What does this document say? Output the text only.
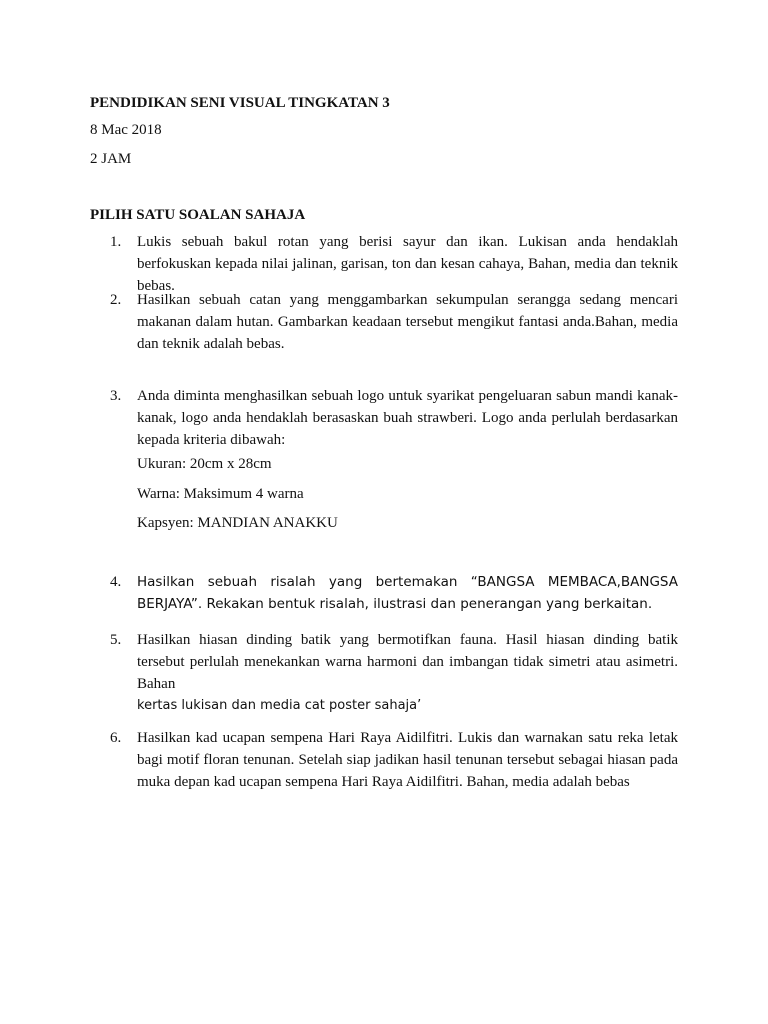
PENDIDIKAN SENI VISUAL TINGKATAN 3
8 Mac 2018
2 JAM
PILIH SATU SOALAN SAHAJA
1.	Lukis sebuah bakul rotan yang berisi sayur dan ikan. Lukisan anda hendaklah berfokuskan kepada nilai jalinan, garisan, ton dan kesan cahaya, Bahan, media dan teknik bebas.
2.	Hasilkan sebuah catan yang menggambarkan sekumpulan serangga sedang mencari makanan dalam hutan. Gambarkan keadaan tersebut mengikut fantasi anda.Bahan, media dan teknik adalah bebas.
3.	Anda diminta menghasilkan sebuah logo untuk syarikat pengeluaran sabun mandi kanak-kanak, logo anda hendaklah berasaskan buah strawberi. Logo anda perlulah berdasarkan kepada kriteria dibawah:
Ukuran: 20cm x 28cm
Warna: Maksimum 4 warna
Kapsyen: MANDIAN ANAKKU
4.	Hasilkan sebuah risalah yang bertemakan “BANGSA MEMBACA,BANGSA BERJAYA”. Rekakan bentuk risalah, ilustrasi dan penerangan yang berkaitan.
5.	Hasilkan hiasan dinding batik yang bermotifkan fauna. Hasil hiasan dinding batik tersebut perlulah menekankan warna harmoni dan imbangan tidak simetri atau asimetri. Bahan
kertas lukisan dan media cat poster sahaja’
6.	Hasilkan kad ucapan sempena Hari Raya Aidilfitri. Lukis dan warnakan satu reka letak bagi motif floran tenunan. Setelah siap jadikan hasil tenunan tersebut sebagai hiasan pada muka depan kad ucapan sempena Hari Raya Aidilfitri. Bahan, media adalah bebas
